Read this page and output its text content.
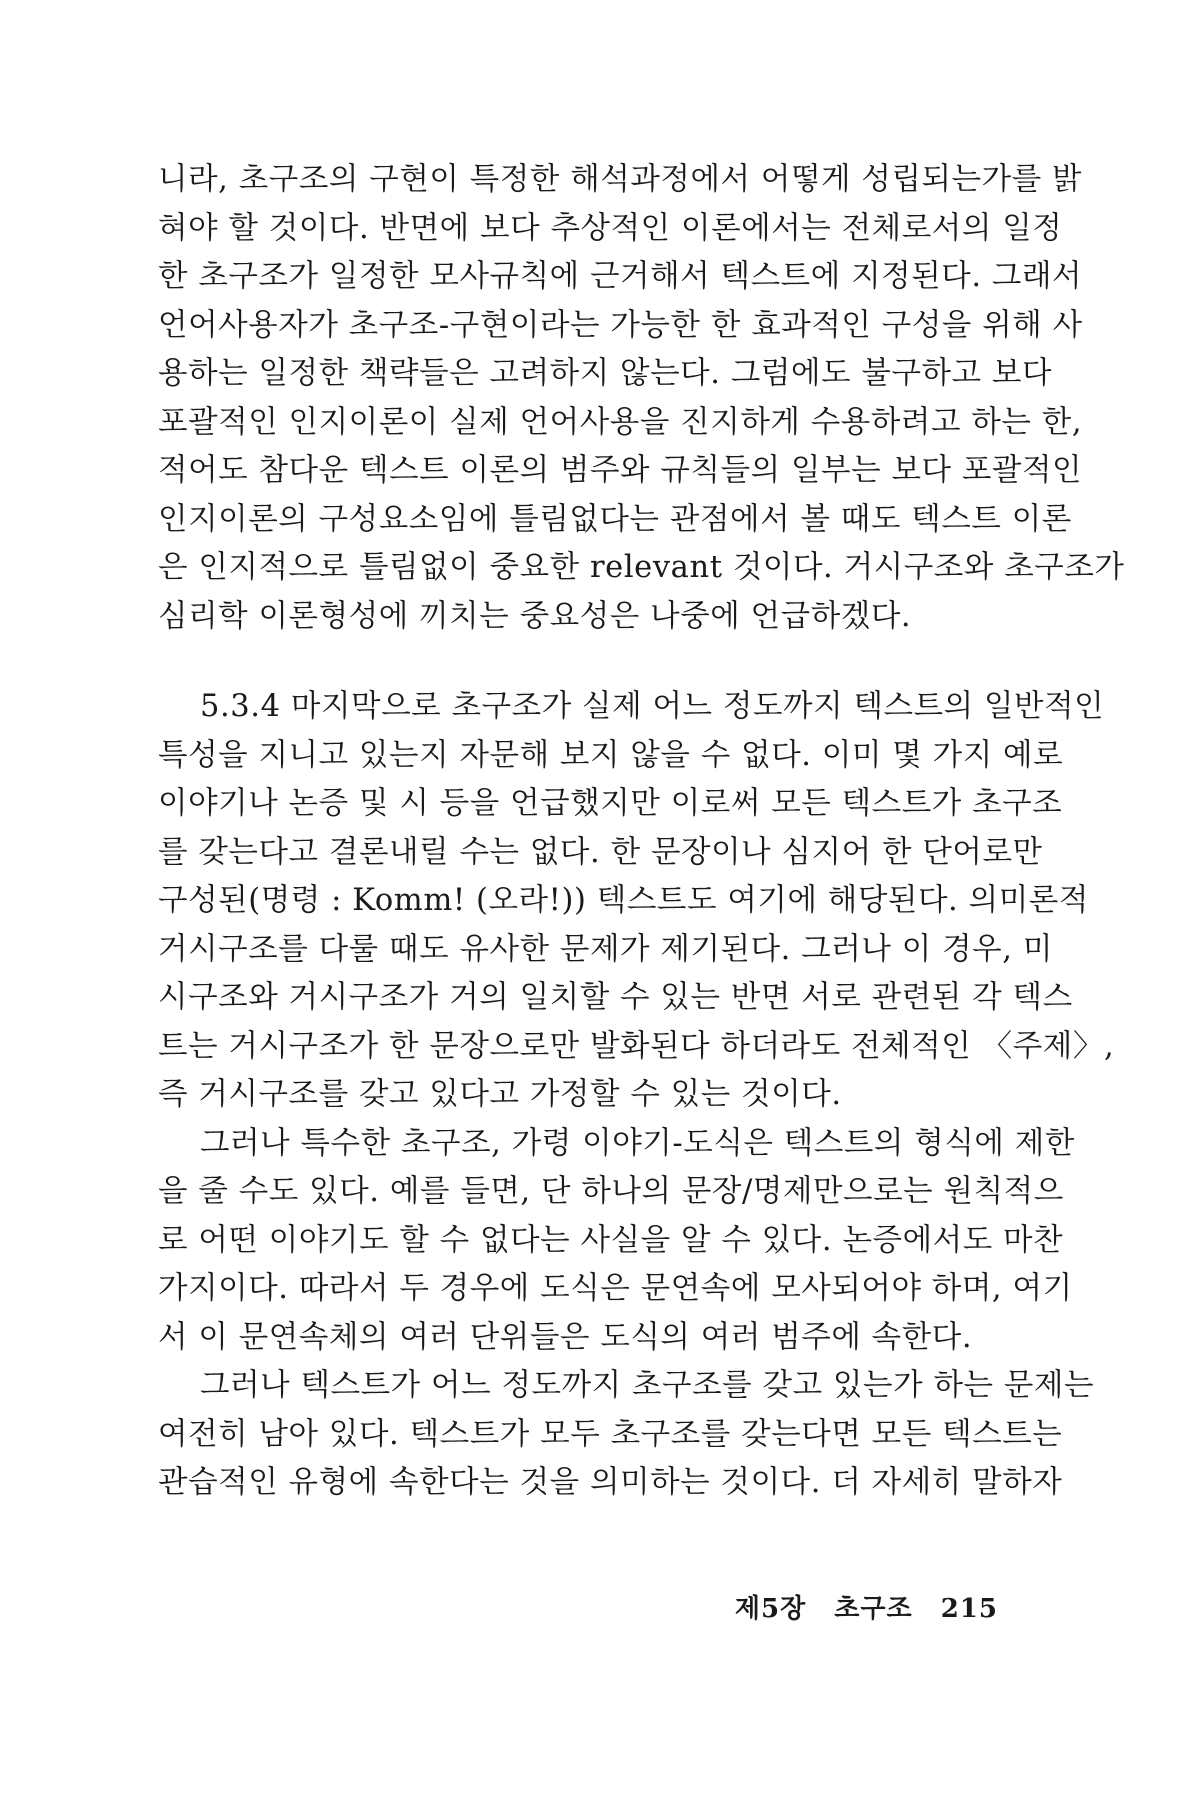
니라, 초구조의 구현이 특정한 해석과정에서 어떻게 성립되는가를 밝
혀야 할 것이다. 반면에 보다 추상적인 이론에서는 전체로서의 일정
한 초구조가 일정한 모사규칙에 근거해서 텍스트에 지정된다. 그래서
언어사용자가 초구조-구현이라는 가능한 한 효과적인 구성을 위해 사
용하는 일정한 책략들은 고려하지 않는다. 그럼에도 불구하고 보다
포괄적인 인지이론이 실제 언어사용을 진지하게 수용하려고 하는 한,
적어도 참다운 텍스트 이론의 범주와 규칙들의 일부는 보다 포괄적인
인지이론의 구성요소임에 틀림없다는 관점에서 볼 때도 텍스트 이론
은 인지적으로 틀림없이 중요한 relevant 것이다. 거시구조와 초구조가
심리학 이론형성에 끼치는 중요성은 나중에 언급하겠다.
5.3.4 마지막으로 초구조가 실제 어느 정도까지 텍스트의 일반적인
특성을 지니고 있는지 자문해 보지 않을 수 없다. 이미 몇 가지 예로
이야기나 논증 및 시 등을 언급했지만 이로써 모든 텍스트가 초구조
를 갖는다고 결론내릴 수는 없다. 한 문장이나 심지어 한 단어로만
구성된(명령 : Komm! (오라!)) 텍스트도 여기에 해당된다. 의미론적
거시구조를 다룰 때도 유사한 문제가 제기된다. 그러나 이 경우, 미
시구조와 거시구조가 거의 일치할 수 있는 반면 서로 관련된 각 텍스
트는 거시구조가 한 문장으로만 발화된다 하더라도 전체적인 〈주제〉,
즉 거시구조를 갖고 있다고 가정할 수 있는 것이다.
그러나 특수한 초구조, 가령 이야기-도식은 텍스트의 형식에 제한
을 줄 수도 있다. 예를 들면, 단 하나의 문장/명제만으로는 원칙적으
로 어떤 이야기도 할 수 없다는 사실을 알 수 있다. 논증에서도 마찬
가지이다. 따라서 두 경우에 도식은 문연속에 모사되어야 하며, 여기
서 이 문연속체의 여러 단위들은 도식의 여러 범주에 속한다.
그러나 텍스트가 어느 정도까지 초구조를 갖고 있는가 하는 문제는
여전히 남아 있다. 텍스트가 모두 초구조를 갖는다면 모든 텍스트는
관습적인 유형에 속한다는 것을 의미하는 것이다. 더 자세히 말하자
제5장 초구조 215
